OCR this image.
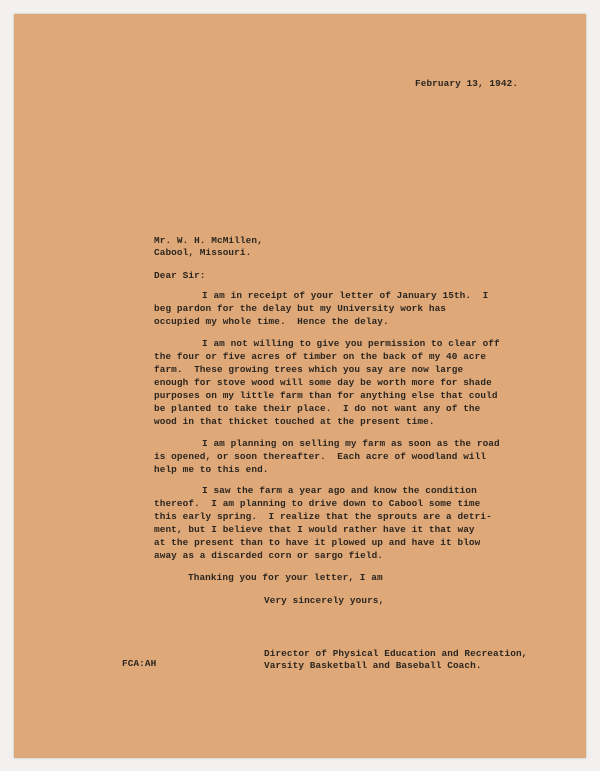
February 13, 1942.
Mr. W. H. McMillen,
Cabool, Missouri.
Dear Sir:
I am in receipt of your letter of January 15th.  I
beg pardon for the delay but my University work has
occupied my whole time.  Hence the delay.
I am not willing to give you permission to clear off
the four or five acres of timber on the back of my 40 acre
farm.  These growing trees which you say are now large
enough for stove wood will some day be worth more for shade
purposes on my little farm than for anything else that could
be planted to take their place.  I do not want any of the
wood in that thicket touched at the present time.
I am planning on selling my farm as soon as the road
is opened, or soon thereafter.  Each acre of woodland will
help me to this end.
I saw the farm a year ago and know the condition
thereof.  I am planning to drive down to Cabool some time
this early spring.  I realize that the sprouts are a detri-
ment, but I believe that I would rather have it that way
at the present than to have it plowed up and have it blow
away as a discarded corn or sargo field.
Thanking you for your letter, I am
Very sincerely yours,
FCA:AH
Director of Physical Education and Recreation,
Varsity Basketball and Baseball Coach.
